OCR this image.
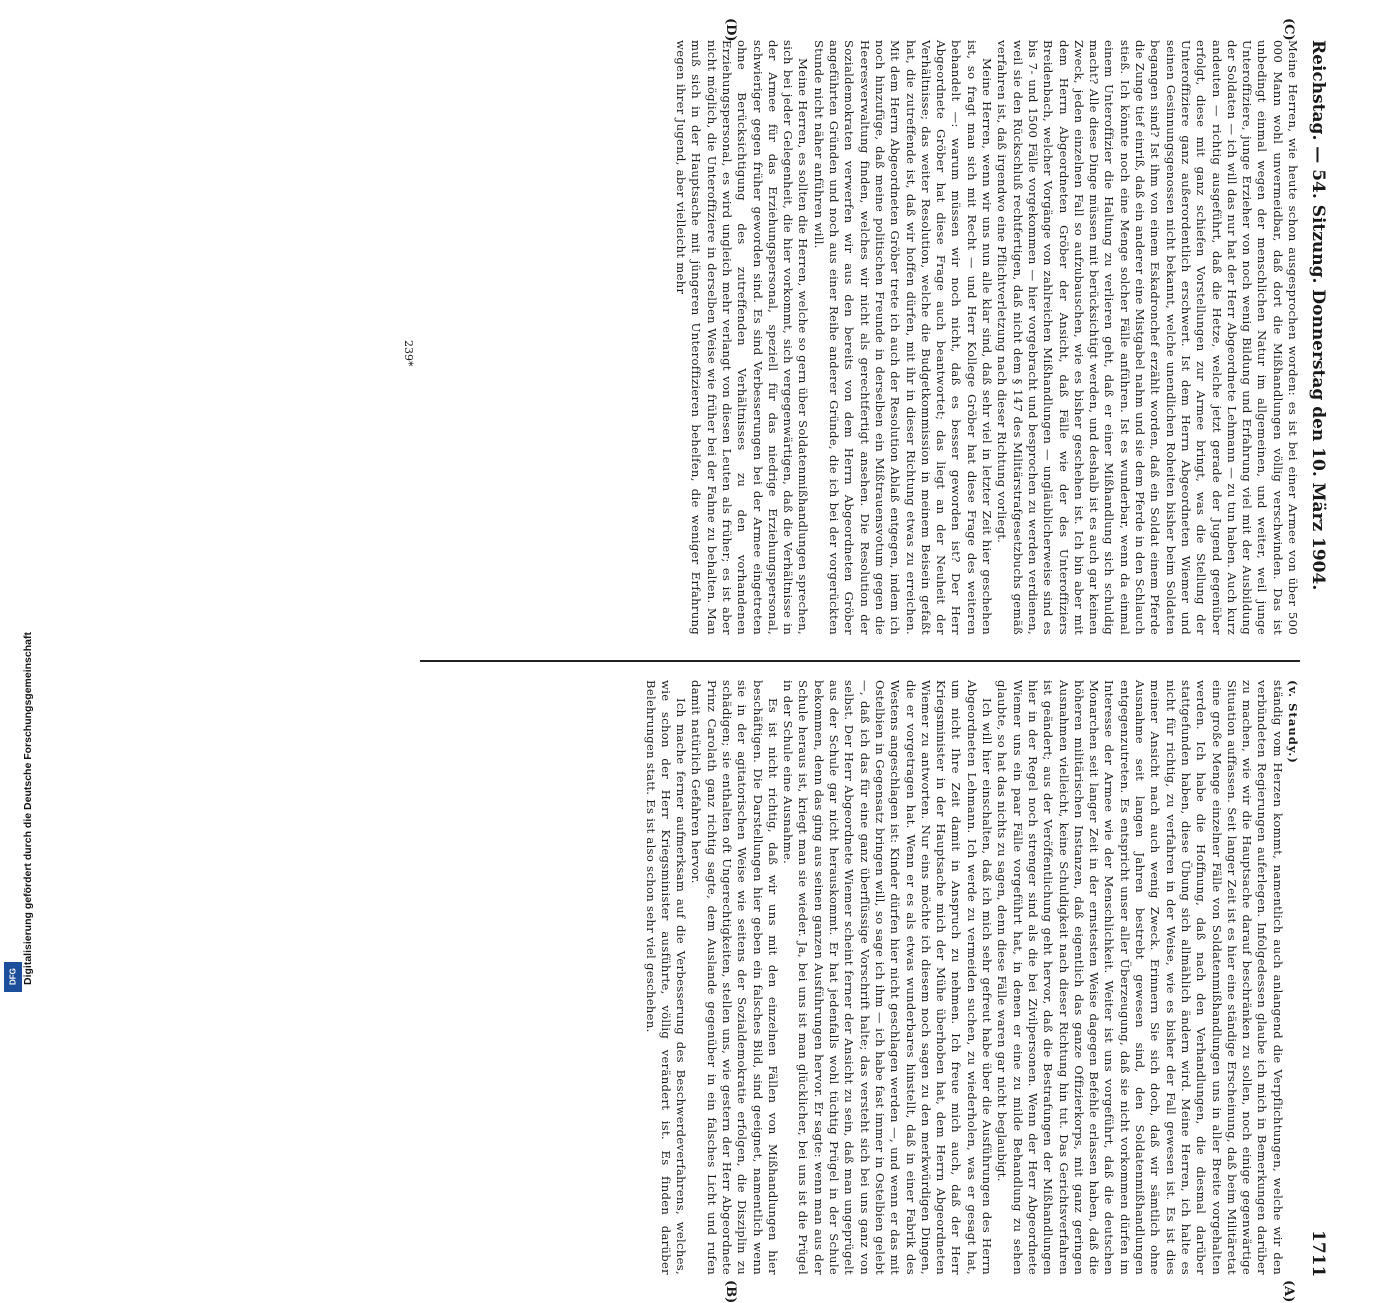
DFG Digitalisierung gefördert durch die Deutsche Forschungsgemeinschaft
Reichstag. — 54. Sitzung. Donnerstag den 10. März 1904.
1711
(C)
(D)
(A)
(B)

Meine Herren, wie heute schon ausgesprochen worden: es ist bei einer Armee von über 500 000 Mann wohl unvermeidbar, daß dort die Mißhandlungen völlig verschwinden. Das ist unbedingt einmal wegen der menschlichen Natur im allgemeinen, und weiter, weil junge Unteroffiziere, junge Erzieher von noch wenig Bildung und Erfahrung viel mit der Ausbildung der Soldaten — ich will das nur hat der Herr Abgeordnete Lehmann — zu tun haben. Auch kurz andeuten — richtig ausgeführt, daß die Hetze, welche jetzt gerade der Jugend gegenüber erfolgt, diese mit ganz schiefen Vorstellungen zur Armee bringt, was die Stellung der Unteroffiziere ganz außerordentlich erschwert. Ist dem Herrn Abgeordneten Wiemer und seinen Gesinnungsgenossen nicht bekannt, welche unendlichen Roheiten bisher beim Soldaten begangen sind? Ist ihm von einem Eskadronchef erzählt worden, daß ein Soldat einem Pferde die Zunge tief einriß, daß ein anderer eine Mistgabel nahm und sie dem Pferde in den Schlauch stieß. Ich könnte noch eine Menge solcher Fälle anführen. Ist es wunderbar, wenn da einmal einem Unteroffizier die Haltung zu verlieren geht, daß er einer Mißhandlung sich schuldig macht? Alle diese Dinge müssen mit berücksichtigt werden, und deshalb ist es auch gar keinen Zweck, jeden einzelnen Fall so aufzubauschen, wie es bisher geschehen ist. Ich bin aber mit dem Herrn Abgeordneten Gröber der Ansicht, daß Fälle wie der des Unteroffiziers Breidenbach, welcher Vorgänge von zahlreichen Mißhandlungen — ungläublicherweise sind es bis 7- und 1500 Fälle vorgekommen — hier vorgebracht und besprochen zu werden verdienen, weil sie den Rückschluß rechtfertigen, daß nicht dem § 147 des Militärstrafgesetzbuchs gemäß verfahren ist, daß irgendwo eine Pflichtverletzung nach dieser Richtung vorliegt.

Meine Herren, wenn wir uns nun alle klar sind, daß sehr viel in letzter Zeit hier geschehen ist, so fragt man sich mit Recht — und Herr Kollege Gröber hat diese Frage des weiteren behandelt —: warum müssen wir noch nicht, daß es besser geworden ist? Der Herr Abgeordnete Gröber hat diese Frage auch beantwortet; das liegt an der Neuheit der Verhältnisse; das weiter Resolution, welche die Budgetkommission in meinem Beisein gefaßt hat, die zutreffende ist, daß wir hoffen dürfen, mit ihr in dieser Richtung etwas zu erreichen. Mit dem Herrn Abgeordneten Gröber trete ich auch der Resolution Ablaß entgegen, indem ich noch hinzufüge, daß meine politischen Freunde in derselben ein Mißtrauensvotum gegen die Heeresverwaltung finden, welches wir nicht als gerechtfertigt ansehen. Die Resolution der Sozialdemokraten verwerfen wir aus den bereits von dem Herrn Abgeordneten Gröber angeführten Gründen und noch aus einer Reihe anderer Gründe, die ich bei der vorgerückten Stunde nicht näher anführen will.

Meine Herren, es sollten die Herren, welche so gern über Soldatenmißhandlungen sprechen, sich bei jeder Gelegenheit, die hier vorkommt, sich vergegenwärtigen, daß die Verhältnisse in der Armee für das Erziehungspersonal, speziell für das niedrige Erziehungspersonal, schwieriger gegen früher geworden sind. Es sind Verbesserungen bei der Armee eingetreten ohne Berücksichtigung des zutreffenden Verhältnisses zu den vorhandenen Erziehungspersonal, es wird ungleich mehr verlangt von diesen Leuten als früher; es ist aber nicht möglich, die Unteroffiziere in derselben Weise wie früher bei der Fahne zu behalten. Man muß sich in der Hauptsache mit jüngeren Unteroffizieren behelfen, die weniger Erfahrung wegen ihrer Jugend, aber vielleicht mehr

(v. Staudy.)

ständig vom Herzen kommt, namentlich auch anlangend die Verpflichtungen, welche wir den verbündeten Regierungen auferlegen. Infolgedessen glaube ich mich in Bemerkungen darüber zu machen, wie wir die Hauptsache darauf beschränken zu sollen, noch einige gegenwärtige Situation auffassen. Seit langer Zeit ist es hier eine ständige Erscheinung, daß beim Militäretat eine große Menge einzelner Fälle von Soldatenmißhandlungen uns in aller Breite vorgehalten werden. Ich habe die Hoffnung, daß nach den Verhandlungen, die diesmal darüber stattgefunden haben, diese Übung sich allmählich ändern wird. Meine Herren, ich halte es nicht für richtig, zu verfahren in der Weise, wie es bisher der Fall gewesen ist. Es ist dies meiner Ansicht nach auch wenig Zweck. Erinnern Sie sich doch, daß wir sämtlich ohne Ausnahme seit langen Jahren bestrebt gewesen sind, den Soldatenmißhandlungen entgegenzutreten. Es entspricht unser aller Überzeugung, daß sie nicht vorkommen dürfen im Interesse der Armee wie der Menschlichkeit. Weiter ist uns vorgeführt, daß die deutschen Monarchen seit langer Zeit in der ernstesten Weise dagegen Befehle erlassen haben, daß die höheren militärischen Instanzen, daß eigentlich das ganze Offizierkorps, mit ganz geringen Ausnahmen vielleicht, keine Schuldigkeit nach dieser Richtung hin tut. Das Gerichtsverfahren ist geändert; aus der Veröffentlichung geht hervor, daß die Bestrafungen der Mißhandlungen hier in der Regel noch strenger sind als die bei Zivilpersonen. Wenn der Herr Abgeordnete Wiemer uns ein paar Fälle vorgeführt hat, in denen er eine zu milde Behandlung zu sehen glaubte, so hat das nichts zu sagen, denn diese Fälle waren gar nicht beglaubigt.

Ich will hier einschalten, daß ich mich sehr gefreut habe über die Ausführungen des Herrn Abgeordneten Lehmann. Ich werde zu vermeiden suchen, zu wiederholen, was er gesagt hat, um nicht Ihre Zeit damit in Anspruch zu nehmen. Ich freue mich auch, daß der Herr Kriegsminister in der Hauptsache mich der Mühe überhoben hat, dem Herrn Abgeordneten Wiemer zu antworten. Nur eins möchte ich diesem noch sagen zu den merkwürdigen Dingen, die er vorgetragen hat. Wenn er es als etwas wunderbares hinstellt, daß in einer Fabrik des Westens angeschlagen ist: Kinder dürfen hier nicht geschlagen werden —, und wenn er das mit Ostelbien in Gegensatz bringen will, so sage ich ihm — ich habe fast immer in Ostelbien gelebt —, daß ich das für eine ganz überflüssige Vorschrift halte; das versteht sich bei uns ganz von selbst. Der Herr Abgeordnete Wiemer scheint ferner der Ansicht zu sein, daß man ungeprügelt aus der Schule gar nicht herauskommt. Er hat jedenfalls wohl tüchtig Prügel in der Schule bekommen, denn das ging aus seinen ganzen Ausführungen hervor. Er sagte: wenn man aus der Schule heraus ist, kriegt man sie wieder. Ja, bei uns ist man glücklicher, bei uns ist die Prügel in der Schule eine Ausnahme.

Es ist nicht richtig, daß wir uns mit den einzelnen Fällen von Mißhandlungen hier beschäftigen. Die Darstellungen hier geben ein falsches Bild, sind geeignet, namentlich wenn sie in der agitatorischen Weise wie seitens der Sozialdemokratie erfolgen, die Disziplin zu schädigen; sie enthalten oft Ungerechtigkeiten, stellen uns, wie gestern der Herr Abgeordnete Prinz Carolath ganz richtig sagte, dem Auslande gegenüber in ein falsches Licht und rufen damit natürlich Gefahren hervor.

Ich mache ferner aufmerksam auf die Verbesserung des Beschwerdeverfahrens, welches, wie schon der Herr Kriegsminister ausführte, völlig verändert ist. Es finden darüber Belehrungen statt. Es ist also schon sehr viel geschehen.

239*
